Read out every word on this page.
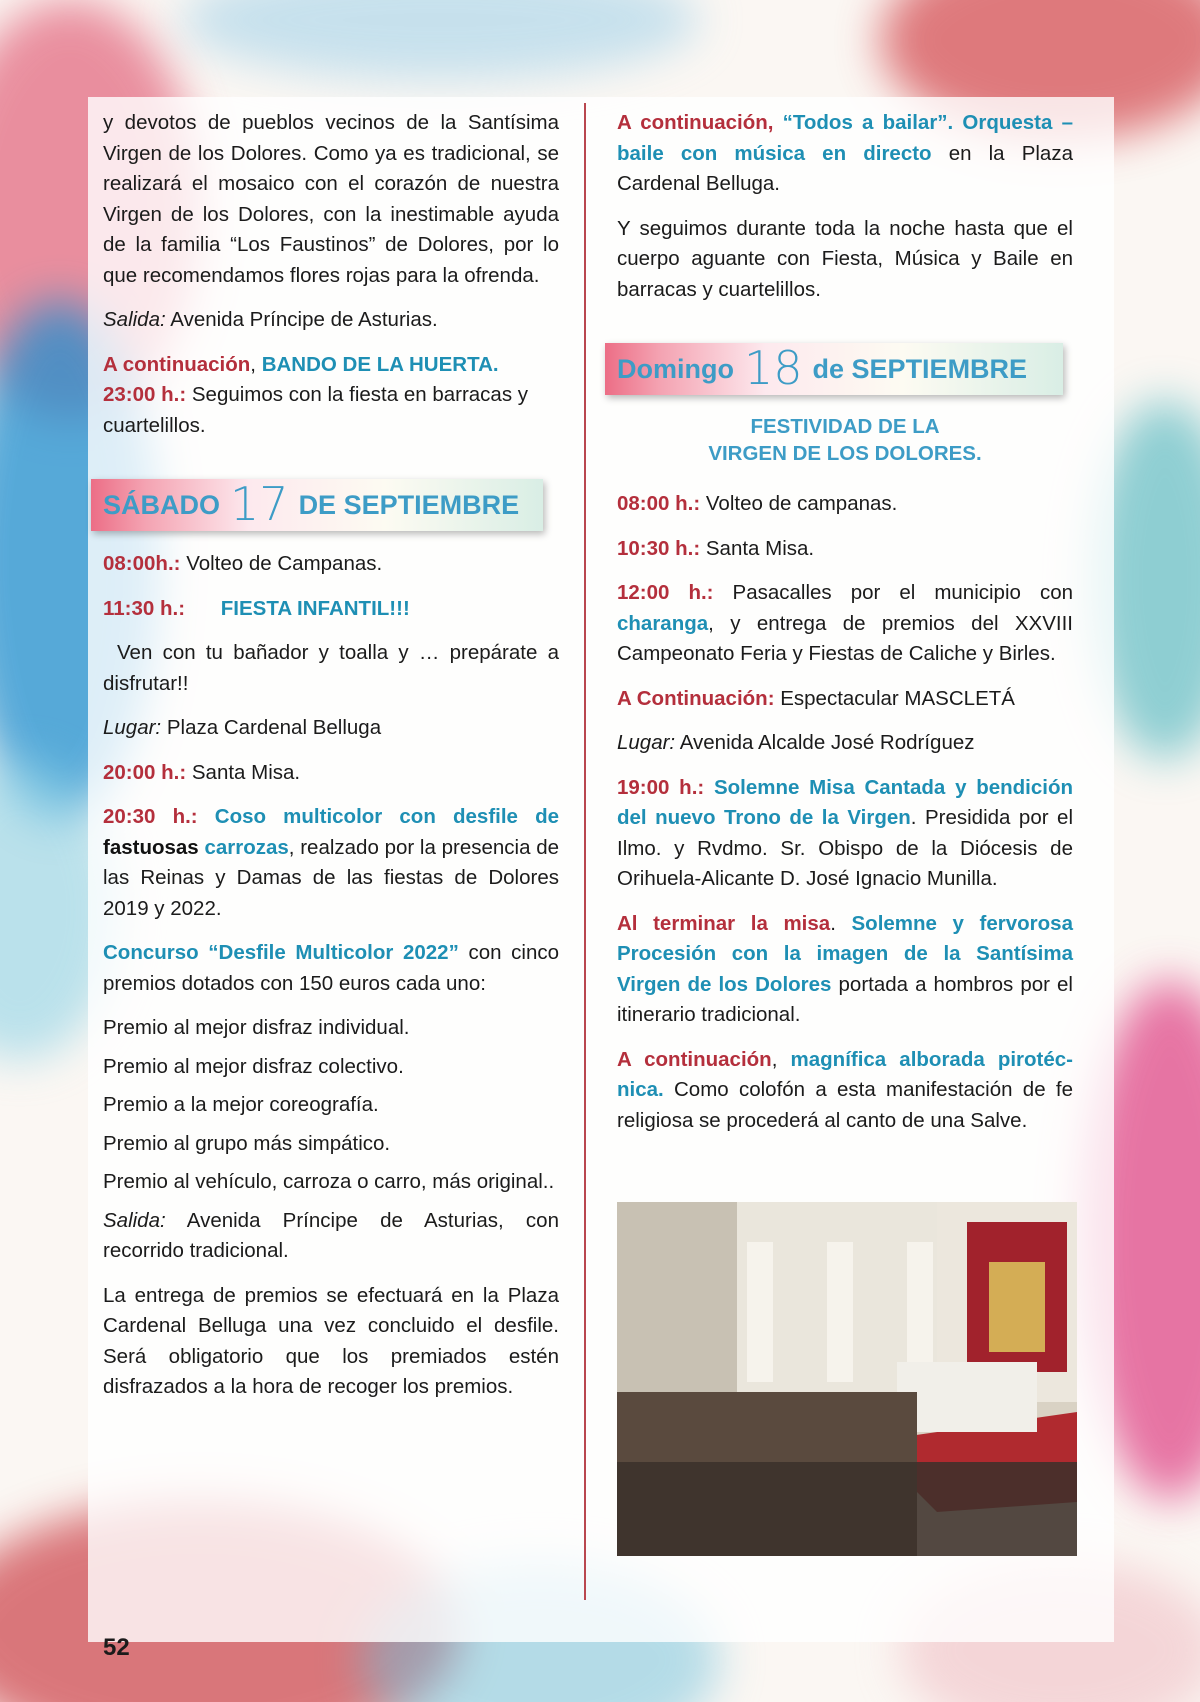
y devotos de pueblos vecinos de la Santísima Virgen de los Dolores. Como ya es tradicional, se realizará el mosaico con el corazón de nuestra Virgen de los Dolores, con la inestimable ayuda de la familia “Los Faustinos” de Dolores, por lo que recomendamos flores rojas para la ofrenda.

Salida: Avenida Príncipe de Asturias.

A continuación, BANDO DE LA HUERTA.
23:00 h.: Seguimos con la fiesta en barracas y cuartelillos.

SÁBADO 17 DE SEPTIEMBRE

08:00h.: Volteo de Campanas.

11:30 h.: FIESTA INFANTIL!!!

Ven con tu bañador y toalla y … prepárate a disfrutar!!

Lugar: Plaza Cardenal Belluga

20:00 h.: Santa Misa.

20:30 h.: Coso multicolor con desfile de fastuosas carrozas, realzado por la presencia de las Reinas y Damas de las fiestas de Dolores 2019 y 2022.

Concurso “Desfile Multicolor 2022” con cinco premios dotados con 150 euros cada uno:

Premio al mejor disfraz individual.

Premio al mejor disfraz colectivo.

Premio a la mejor coreografía.

Premio al grupo más simpático.

Premio al vehículo, carroza o carro, más original..

Salida: Avenida Príncipe de Asturias, con recorrido tradicional.

La entrega de premios se efectuará en la Plaza Cardenal Belluga una vez concluido el desfile. Será obligatorio que los premiados estén disfrazados a la hora de recoger los premios.

A continuación, “Todos a bailar”. Orquesta – baile con música en directo en la Plaza Cardenal Belluga.

Y seguimos durante toda la noche hasta que el cuerpo aguante con Fiesta, Música y Baile en barracas y cuartelillos.

Domingo 18 de SEPTIEMBRE
FESTIVIDAD DE LA
VIRGEN DE LOS DOLORES.

08:00 h.: Volteo de campanas.

10:30 h.: Santa Misa.

12:00 h.: Pasacalles por el municipio con charanga, y entrega de premios del XXVIII Campeonato Feria y Fiestas de Caliche y Birles.

A Continuación: Espectacular MASCLETÁ

Lugar: Avenida Alcalde José Rodríguez

19:00 h.: Solemne Misa Cantada y bendición del nuevo Trono de la Virgen. Presidida por el Ilmo. y Rvdmo. Sr. Obispo de la Diócesis de Orihuela-Alicante D. José Ignacio Munilla.

Al terminar la misa. Solemne y fervorosa Procesión con la imagen de la Santísima Virgen de los Dolores portada a hombros por el itinerario tradicional.

A continuación, magnífica alborada pirotéc-nica. Como colofón a esta manifestación de fe religiosa se procederá al canto de una Salve.

52
